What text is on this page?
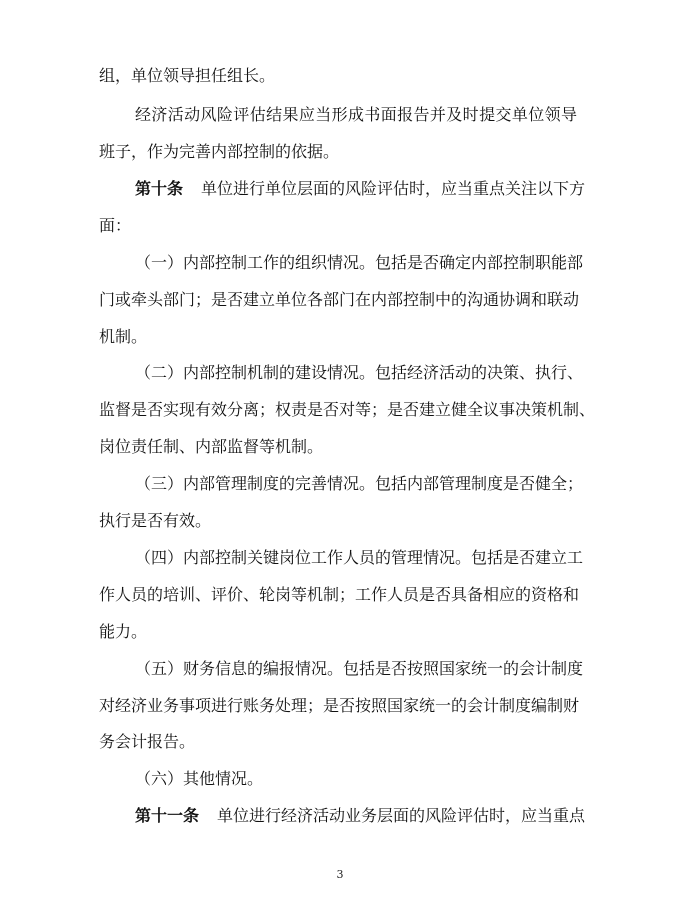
组，单位领导担任组长。
经济活动风险评估结果应当形成书面报告并及时提交单位领导
班子，作为完善内部控制的依据。
第十条 单位进行单位层面的风险评估时，应当重点关注以下方
面：
（一）内部控制工作的组织情况。包括是否确定内部控制职能部
门或牵头部门；是否建立单位各部门在内部控制中的沟通协调和联动
机制。
（二）内部控制机制的建设情况。包括经济活动的决策、执行、
监督是否实现有效分离；权责是否对等；是否建立健全议事决策机制、
岗位责任制、内部监督等机制。
（三）内部管理制度的完善情况。包括内部管理制度是否健全；
执行是否有效。
（四）内部控制关键岗位工作人员的管理情况。包括是否建立工
作人员的培训、评价、轮岗等机制；工作人员是否具备相应的资格和
能力。
（五）财务信息的编报情况。包括是否按照国家统一的会计制度
对经济业务事项进行账务处理；是否按照国家统一的会计制度编制财
务会计报告。
（六）其他情况。
第十一条 单位进行经济活动业务层面的风险评估时，应当重点
3
